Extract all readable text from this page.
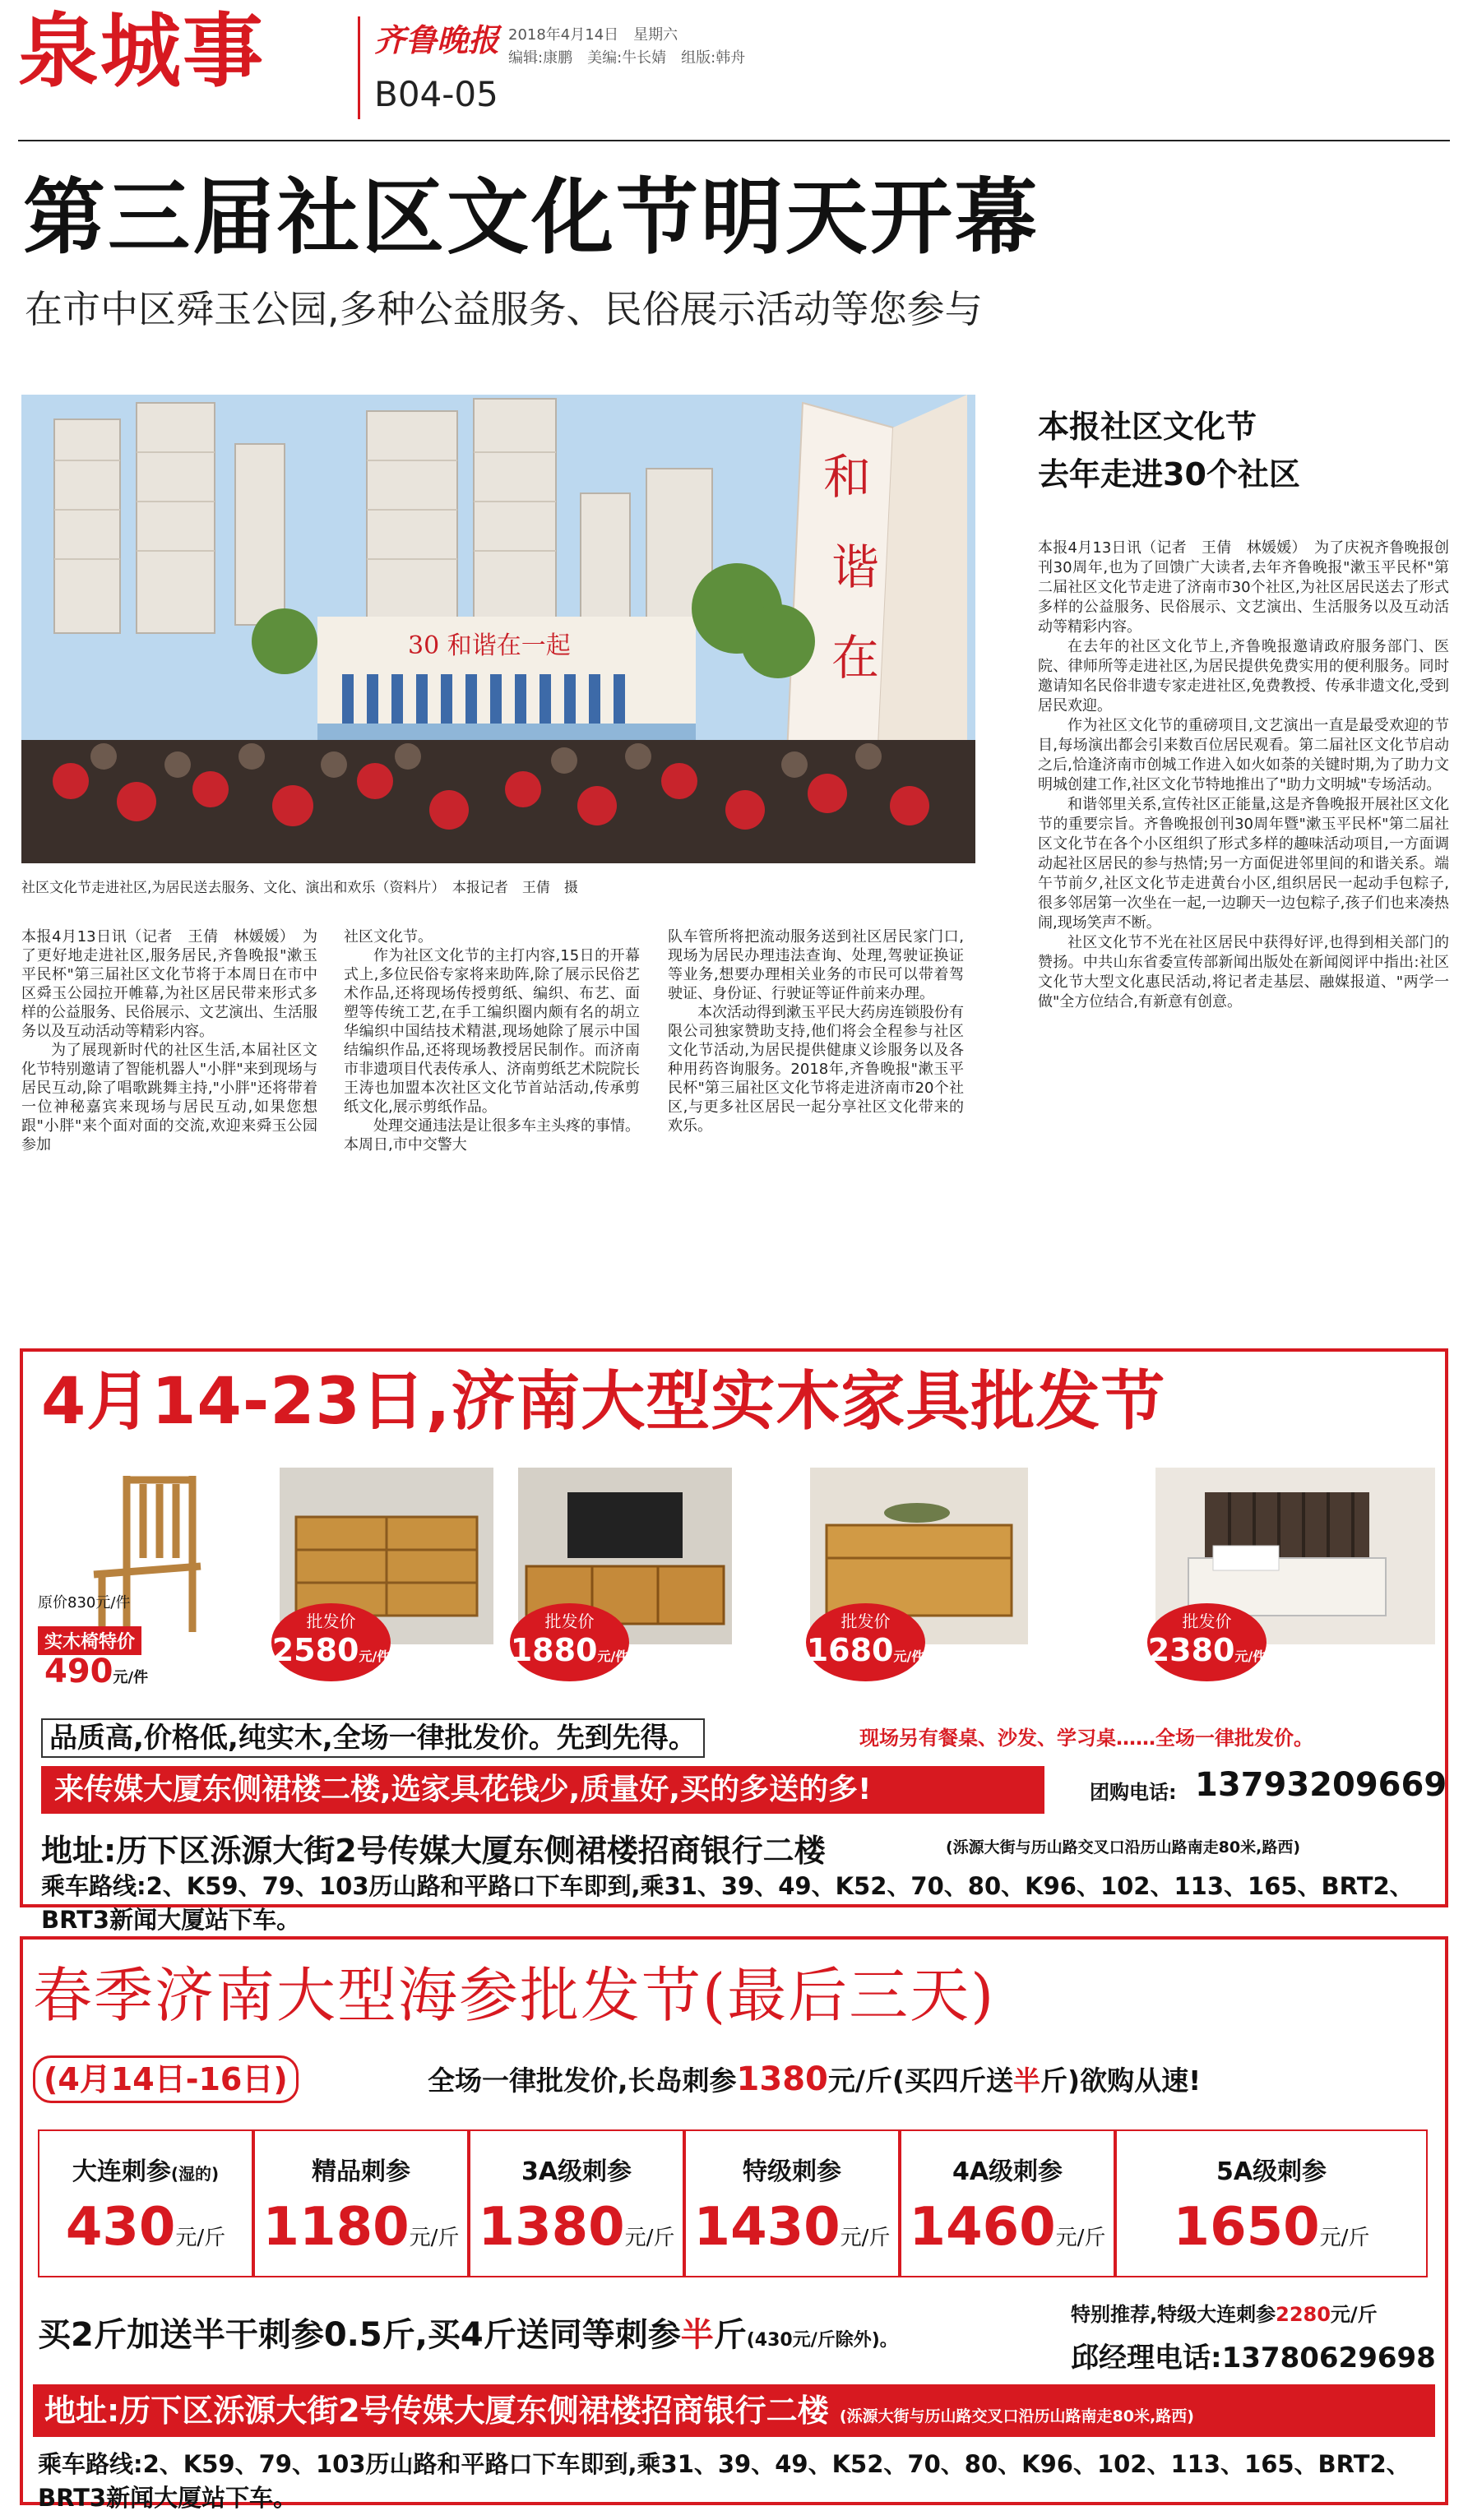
泉城事	齐鲁晚报 2018年4月14日　星期六
编辑:康鹏　美编:牛长婧　组版:韩舟
B04-05
第三届社区文化节明天开幕
在市中区舜玉公园,多种公益服务、民俗展示活动等您参与
30 和谐在一起
和
谐
在
社区文化节走进社区,为居民送去服务、文化、演出和欢乐（资料片）　本报记者　王倩　摄

本报4月13日讯（记者　王倩　林媛媛）　为了更好地走进社区,服务居民,齐鲁晚报"漱玉平民杯"第三届社区文化节将于本周日在市中区舜玉公园拉开帷幕,为社区居民带来形式多样的公益服务、民俗展示、文艺演出、生活服务以及互动活动等精彩内容。

为了展现新时代的社区生活,本届社区文化节特别邀请了智能机器人"小胖"来到现场与居民互动,除了唱歌跳舞主持,"小胖"还将带着一位神秘嘉宾来现场与居民互动,如果您想跟"小胖"来个面对面的交流,欢迎来舜玉公园参加

社区文化节。

作为社区文化节的主打内容,15日的开幕式上,多位民俗专家将来助阵,除了展示民俗艺术作品,还将现场传授剪纸、编织、布艺、面塑等传统工艺,在手工编织圈内颇有名的胡立华编织中国结技术精湛,现场她除了展示中国结编织作品,还将现场教授居民制作。而济南市非遗项目代表传承人、济南剪纸艺术院院长王涛也加盟本次社区文化节首站活动,传承剪纸文化,展示剪纸作品。

处理交通违法是让很多车主头疼的事情。本周日,市中交警大

队车管所将把流动服务送到社区居民家门口,现场为居民办理违法查询、处理,驾驶证换证等业务,想要办理相关业务的市民可以带着驾驶证、身份证、行驶证等证件前来办理。

本次活动得到漱玉平民大药房连锁股份有限公司独家赞助支持,他们将会全程参与社区文化节活动,为居民提供健康义诊服务以及各种用药咨询服务。2018年,齐鲁晚报"漱玉平民杯"第三届社区文化节将走进济南市20个社区,与更多社区居民一起分享社区文化带来的欢乐。

本报社区文化节
去年走进30个社区

本报4月13日讯（记者　王倩　林媛媛）　为了庆祝齐鲁晚报创刊30周年,也为了回馈广大读者,去年齐鲁晚报"漱玉平民杯"第二届社区文化节走进了济南市30个社区,为社区居民送去了形式多样的公益服务、民俗展示、文艺演出、生活服务以及互动活动等精彩内容。

在去年的社区文化节上,齐鲁晚报邀请政府服务部门、医院、律师所等走进社区,为居民提供免费实用的便利服务。同时邀请知名民俗非遗专家走进社区,免费教授、传承非遗文化,受到居民欢迎。

作为社区文化节的重磅项目,文艺演出一直是最受欢迎的节目,每场演出都会引来数百位居民观看。第二届社区文化节启动之后,恰逢济南市创城工作进入如火如荼的关键时期,为了助力文明城创建工作,社区文化节特地推出了"助力文明城"专场活动。

和谐邻里关系,宣传社区正能量,这是齐鲁晚报开展社区文化节的重要宗旨。齐鲁晚报创刊30周年暨"漱玉平民杯"第二届社区文化节在各个小区组织了形式多样的趣味活动项目,一方面调动起社区居民的参与热情;另一方面促进邻里间的和谐关系。端午节前夕,社区文化节走进黄台小区,组织居民一起动手包粽子,很多邻居第一次坐在一起,一边聊天一边包粽子,孩子们也来凑热闹,现场笑声不断。

社区文化节不光在社区居民中获得好评,也得到相关部门的赞扬。中共山东省委宣传部新闻出版处在新闻阅评中指出:社区文化节大型文化惠民活动,将记者走基层、融媒报道、"两学一做"全方位结合,有新意有创意。

4月14-23日,济南大型实木家具批发节
原价830元/件
实木椅特价
490元/件
批发价
2580元/件
批发价
1880元/件
批发价
1680元/件
批发价
2380元/件
品质高,价格低,纯实木,全场一律批发价。先到先得。	现场另有餐桌、沙发、学习桌……全场一律批发价。
来传媒大厦东侧裙楼二楼,选家具花钱少,质量好,买的多送的多!	团购电话: 13793209669
地址:历下区泺源大街2号传媒大厦东侧裙楼招商银行二楼	(泺源大街与历山路交叉口沿历山路南走80米,路西)
乘车路线:2、K59、79、103历山路和平路口下车即到,乘31、39、49、K52、70、80、K96、102、113、165、BRT2、BRT3新闻大厦站下车。
春季济南大型海参批发节(最后三天)
(4月14日-16日)	全场一律批发价,长岛刺参1380元/斤(买四斤送半斤)欲购从速!
大连刺参(湿的)
430元/斤
精品刺参
1180元/斤
3A级刺参
1380元/斤
特级刺参
1430元/斤
4A级刺参
1460元/斤
5A级刺参
1650元/斤
买2斤加送半干刺参0.5斤,买4斤送同等刺参半斤(430元/斤除外)。
特别推荐,特级大连刺参2280元/斤
邱经理电话:13780629698
地址:历下区泺源大街2号传媒大厦东侧裙楼招商银行二楼 (泺源大街与历山路交叉口沿历山路南走80米,路西)
乘车路线:2、K59、79、103历山路和平路口下车即到,乘31、39、49、K52、70、80、K96、102、113、165、BRT2、BRT3新闻大厦站下车。
